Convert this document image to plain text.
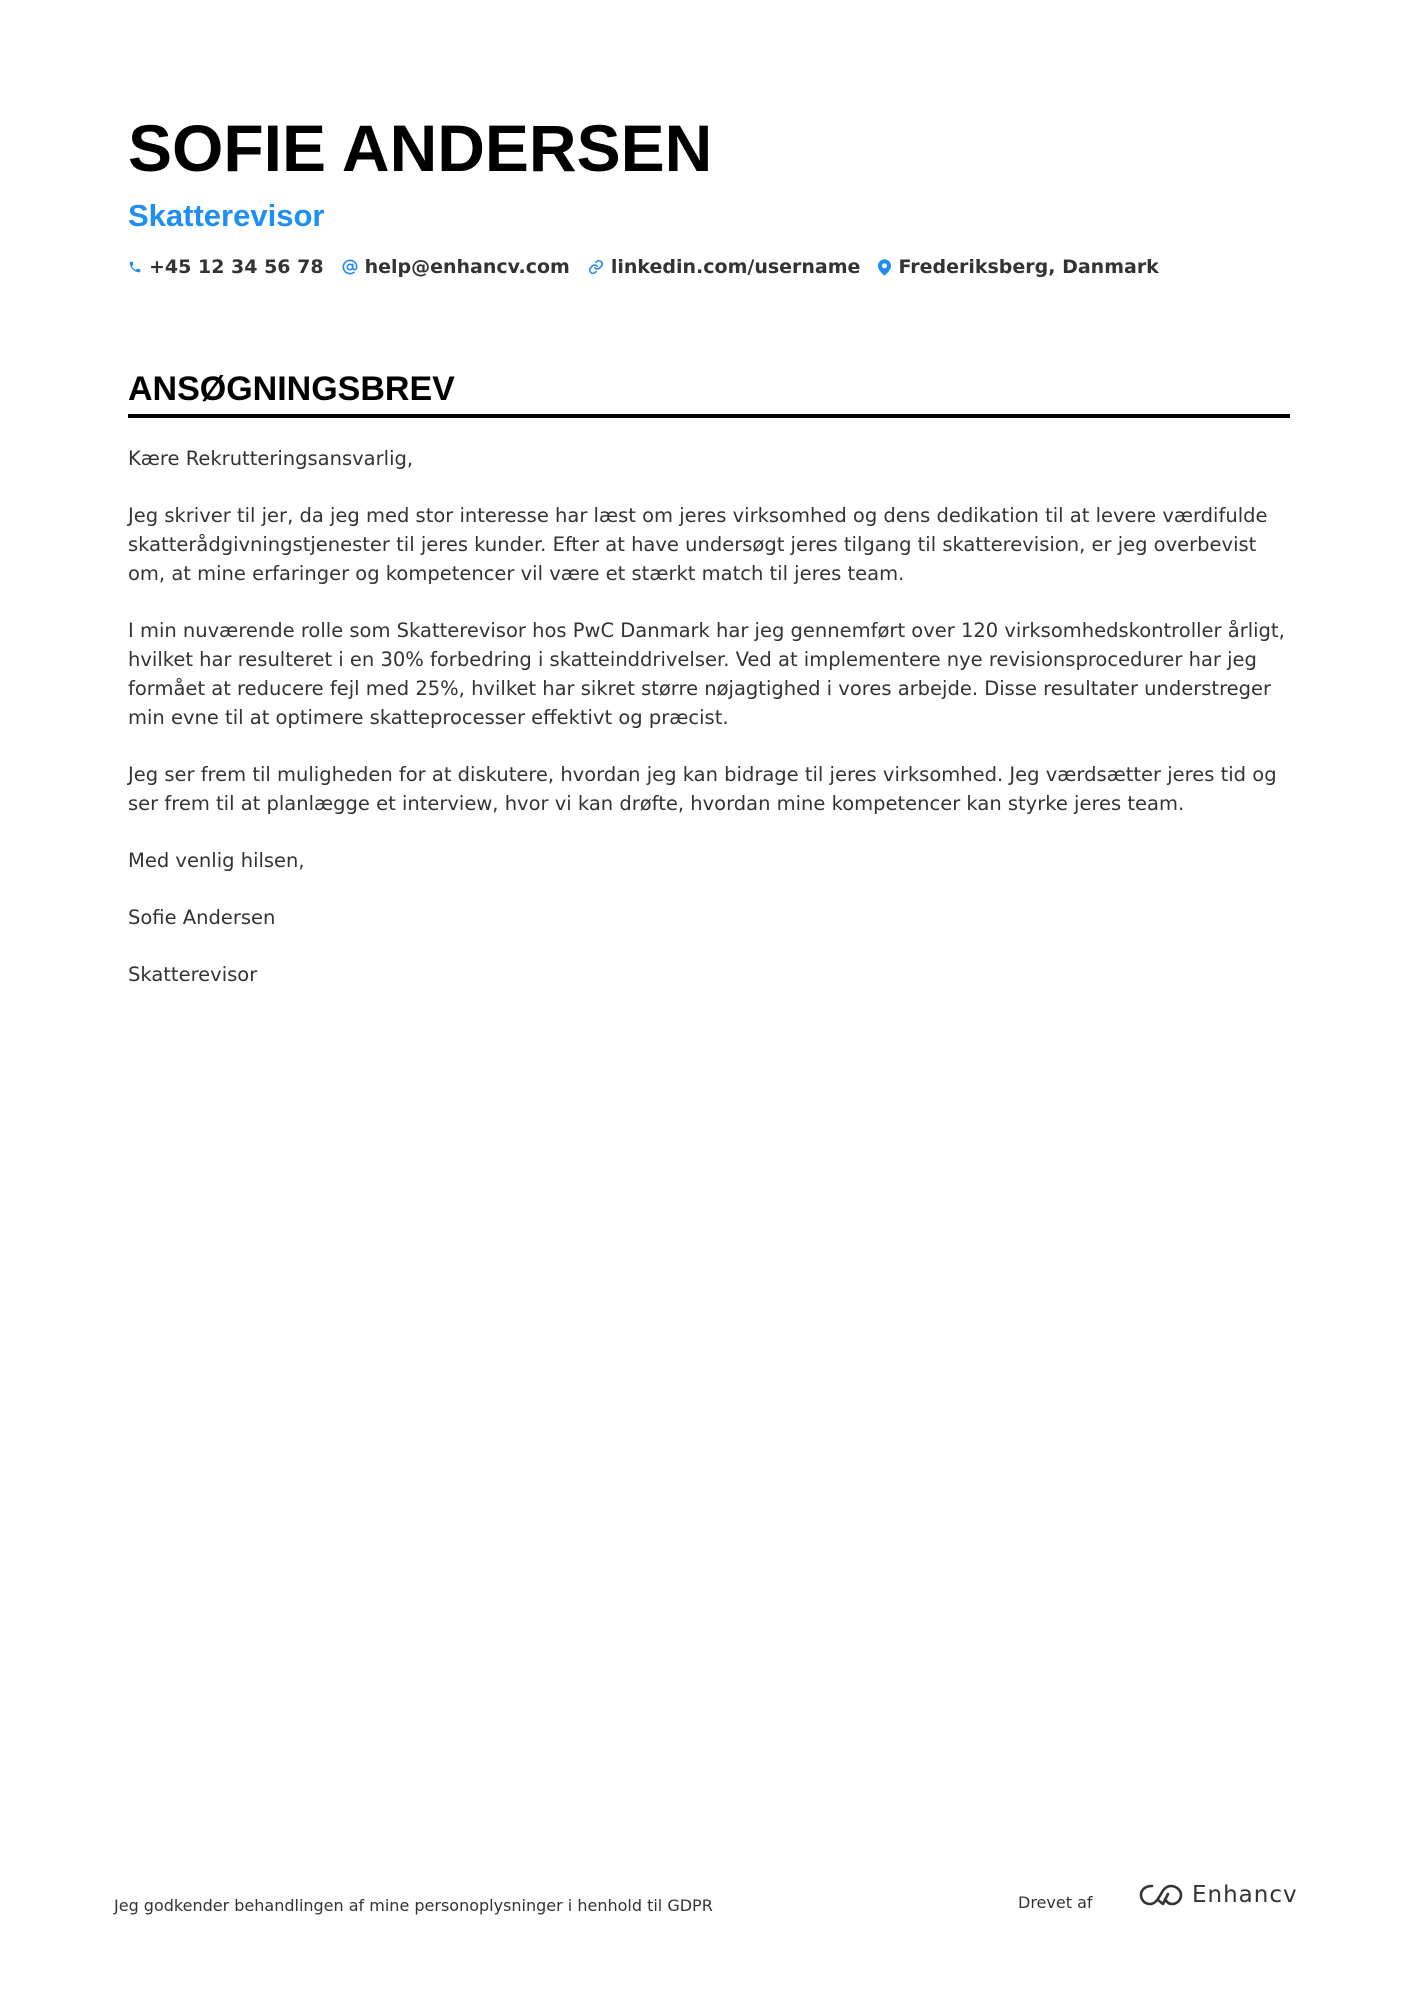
SOFIE ANDERSEN
Skatterevisor
+45 12 34 56 78 help@enhancv.com linkedin.com/username Frederiksberg, Danmark
ANSØGNINGSBREV

Kære Rekrutteringsansvarlig,

Jeg skriver til jer, da jeg med stor interesse har læst om jeres virksomhed og dens dedikation til at levere værdifulde skatterådgivningstjenester til jeres kunder. Efter at have undersøgt jeres tilgang til skatterevision, er jeg overbevist om, at mine erfaringer og kompetencer vil være et stærkt match til jeres team.

I min nuværende rolle som Skatterevisor hos PwC Danmark har jeg gennemført over 120 virksomhedskontroller årligt, hvilket har resulteret i en 30% forbedring i skatteinddrivelser. Ved at implementere nye revisionsprocedurer har jeg formået at reducere fejl med 25%, hvilket har sikret større nøjagtighed i vores arbejde. Disse resultater understreger min evne til at optimere skatteprocesser effektivt og præcist.

Jeg ser frem til muligheden for at diskutere, hvordan jeg kan bidrage til jeres virksomhed. Jeg værdsætter jeres tid og ser frem til at planlægge et interview, hvor vi kan drøfte, hvordan mine kompetencer kan styrke jeres team.

Med venlig hilsen,

Sofie Andersen

Skatterevisor

Jeg godkender behandlingen af mine personoplysninger i henhold til GDPR	Drevet af	Enhancv
